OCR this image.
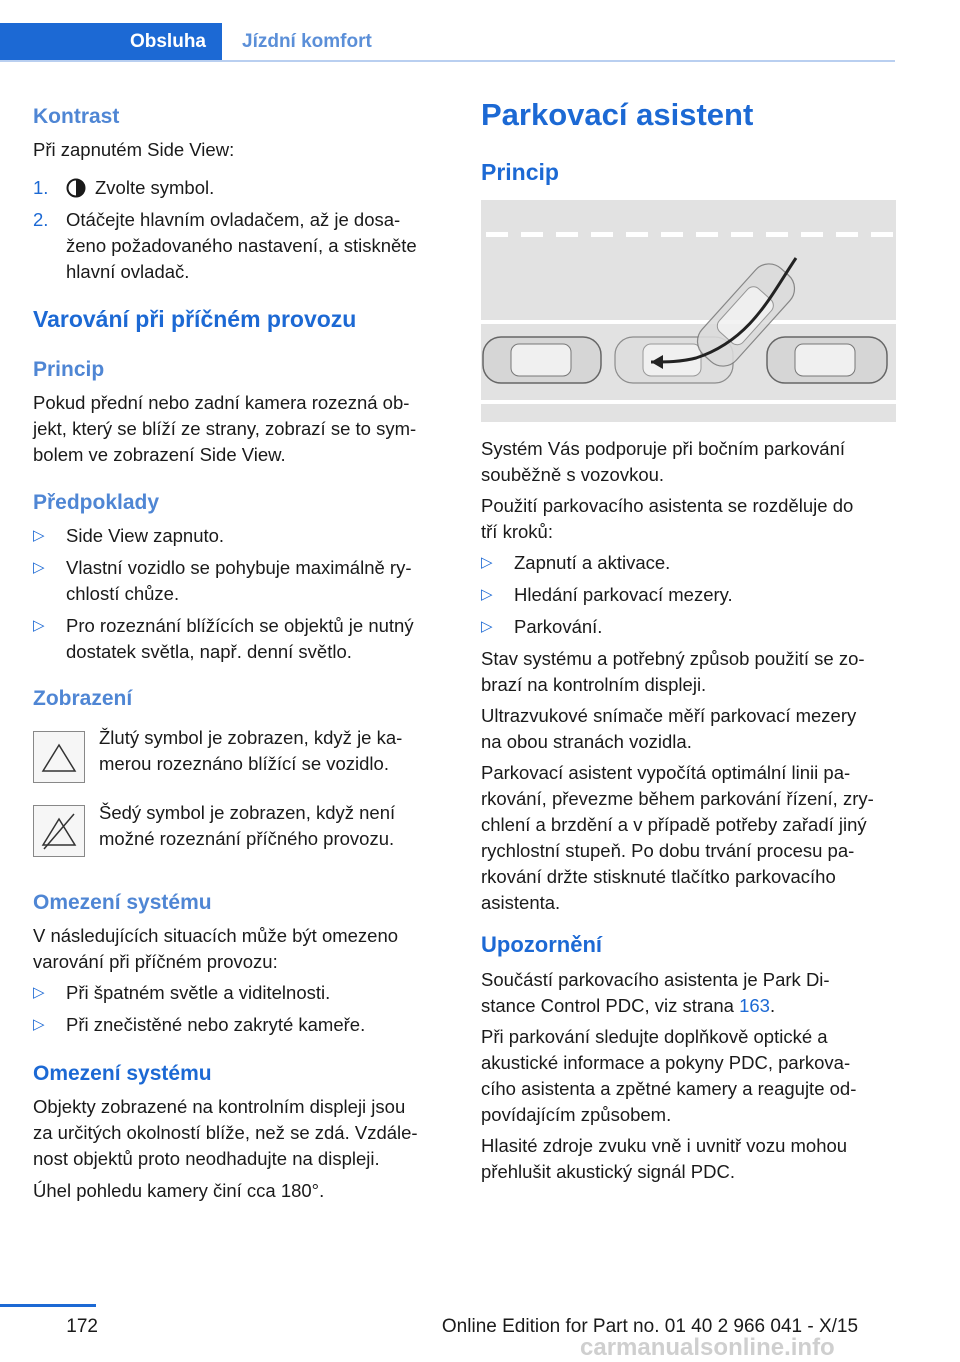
Obsluha	Jízdní komfort
Kontrast
Při zapnutém Side View:
1.	Zvolte symbol.
2. Otáčejte hlavním ovladačem, až je dosa‐
ženo požadovaného nastavení, a stiskněte
hlavní ovladač.
Varování při příčném provozu
Princip
Pokud přední nebo zadní kamera rozezná ob‐
jekt, který se blíží ze strany, zobrazí se to sym‐
bolem ve zobrazení Side View.
Předpoklady
▷ Side View zapnuto.
▷ Vlastní vozidlo se pohybuje maximálně ry‐
chlostí chůze.
▷ Pro rozeznání blížících se objektů je nutný
dostatek světla, např. denní světlo.
Zobrazení
Žlutý symbol je zobrazen, když je ka‐
merou rozeznáno blížící se vozidlo.
Šedý symbol je zobrazen, když není
možné rozeznání příčného provozu.
Omezení systému
V následujících situacích může být omezeno
varování při příčném provozu:
▷ Při špatném světle a viditelnosti.
▷ Při znečistěné nebo zakryté kameře.
Omezení systému
Objekty zobrazené na kontrolním displeji jsou
za určitých okolností blíže, než se zdá. Vzdále‐
nost objektů proto neodhadujte na displeji.
Úhel pohledu kamery činí cca 180°.
Parkovací asistent
Princip
Systém Vás podporuje při bočním parkování
souběžně s vozovkou.
Použití parkovacího asistenta se rozděluje do
tří kroků:
▷ Zapnutí a aktivace.
▷ Hledání parkovací mezery.
▷ Parkování.
Stav systému a potřebný způsob použití se zo‐
brazí na kontrolním displeji.
Ultrazvukové snímače měří parkovací mezery
na obou stranách vozidla.
Parkovací asistent vypočítá optimální linii pa‐
rkování, převezme během parkování řízení, zry‐
chlení a brzdění a v případě potřeby zařadí jiný
rychlostní stupeň. Po dobu trvání procesu pa‐
rkování držte stisknuté tlačítko parkovacího
asistenta.
Upozornění
Součástí parkovacího asistenta je Park Di‐
stance Control PDC, viz strana 163.
Při parkování sledujte doplňkově optické a
akustické informace a pokyny PDC, parkova‐
cího asistenta a zpětné kamery a reagujte od‐
povídajícím způsobem.
Hlasité zdroje zvuku vně i uvnitř vozu mohou
přehlušit akustický signál PDC.
172	Online Edition for Part no. 01 40 2 966 041 - X/15
carmanualsonline.info
